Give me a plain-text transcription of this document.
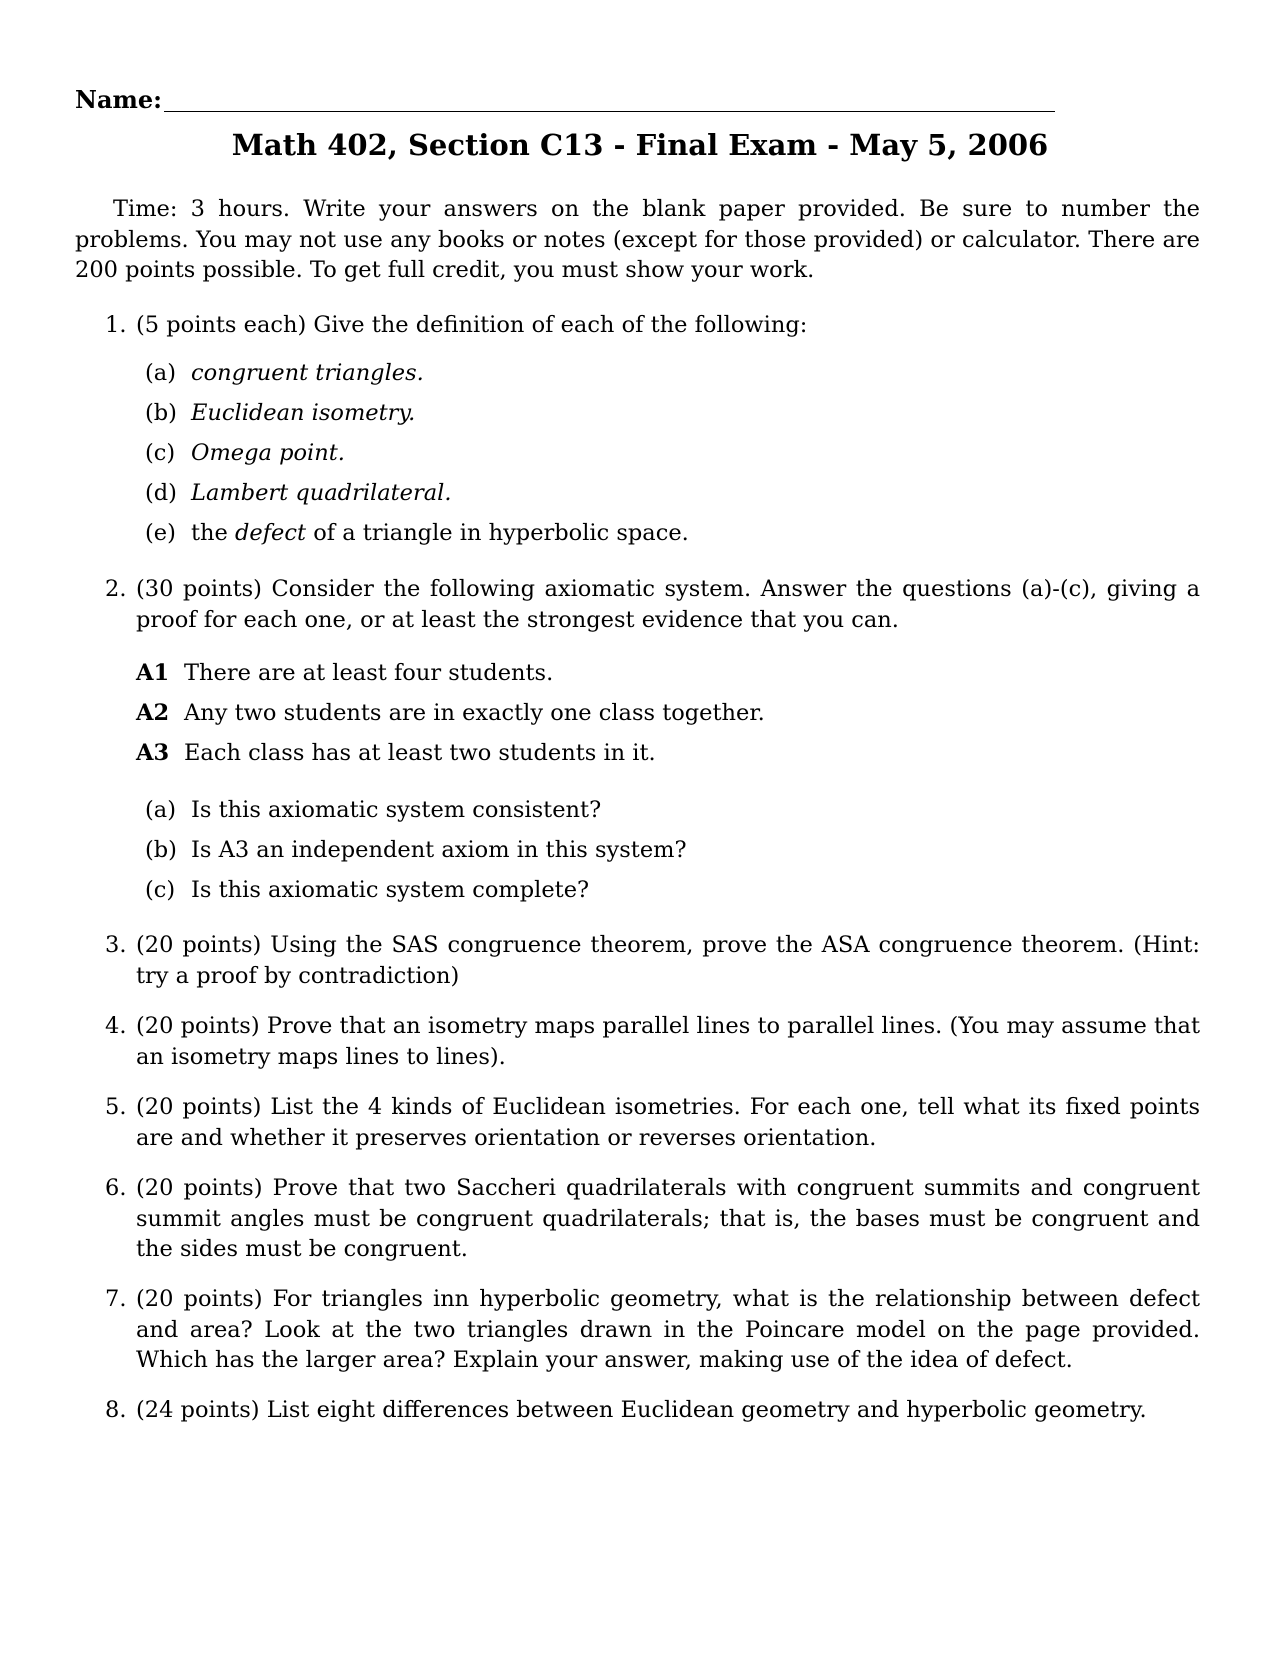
Name:
Math 402, Section C13 - Final Exam - May 5, 2006
Time: 3 hours. Write your answers on the blank paper provided. Be sure to number the problems. You may not use any books or notes (except for those provided) or calculator. There are 200 points possible. To get full credit, you must show your work.
1. (5 points each) Give the definition of each of the following:
(a) congruent triangles.
(b) Euclidean isometry.
(c) Omega point.
(d) Lambert quadrilateral.
(e) the
defect
of a triangle in hyperbolic space.
2. (30 points) Consider the following axiomatic system. Answer the questions (a)-(c), giving a proof for each one, or at least the strongest evidence that you can.
A1 There are at least four students.
A2 Any two students are in exactly one class together.
A3 Each class has at least two students in it.
(a) Is this axiomatic system consistent?
(b) Is A3 an independent axiom in this system?
(c) Is this axiomatic system complete?
3. (20 points) Using the SAS congruence theorem, prove the ASA congruence theorem. (Hint: try a proof by contradiction)
4. (20 points) Prove that an isometry maps parallel lines to parallel lines. (You may assume that an isometry maps lines to lines).
5. (20 points) List the 4 kinds of Euclidean isometries. For each one, tell what its fixed points are and whether it preserves orientation or reverses orientation.
6. (20 points) Prove that two Saccheri quadrilaterals with congruent summits and congruent summit angles must be congruent quadrilaterals; that is, the bases must be congruent and the sides must be congruent.
7. (20 points) For triangles inn hyperbolic geometry, what is the relationship between defect and area? Look at the two triangles drawn in the Poincare model on the page provided. Which has the larger area? Explain your answer, making use of the idea of defect.
8. (24 points) List eight differences between Euclidean geometry and hyperbolic geometry.
